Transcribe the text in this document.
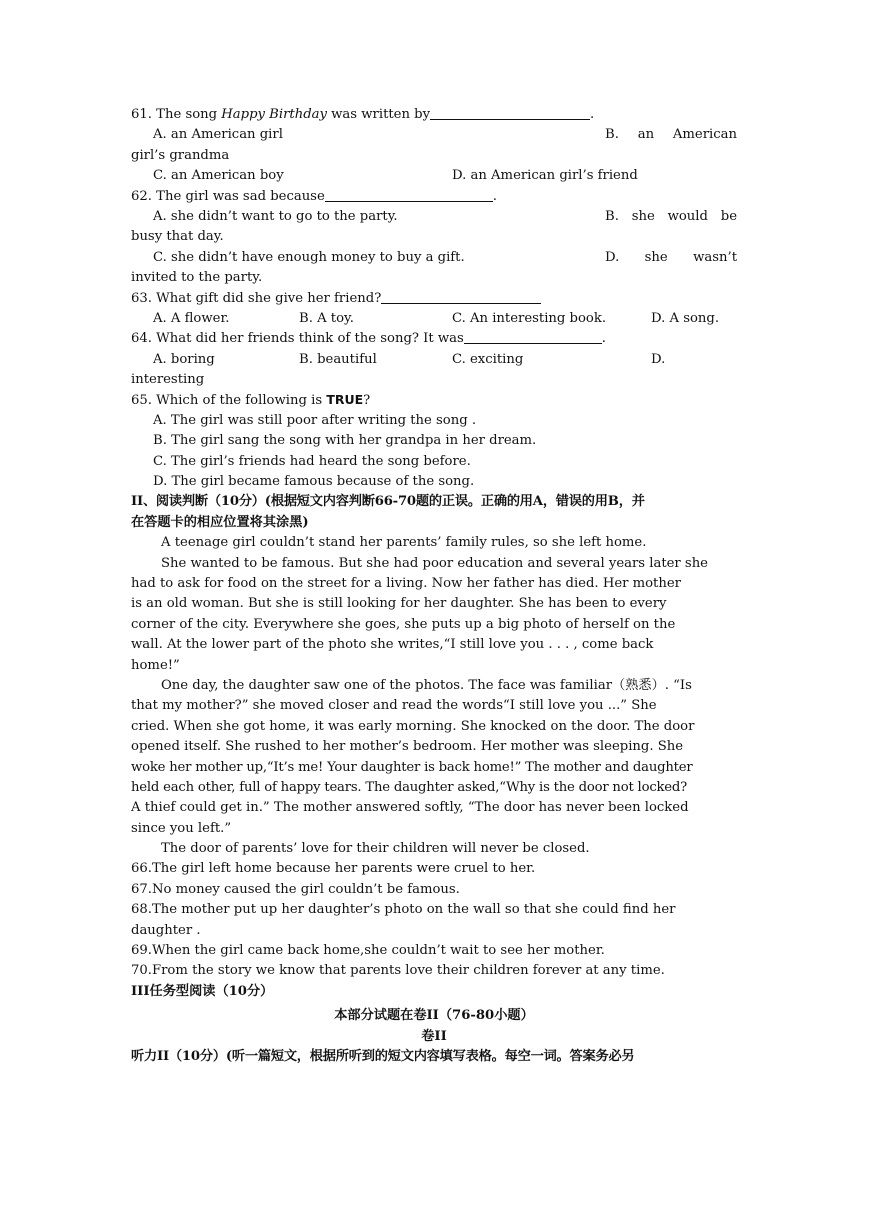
61. The song Happy Birthday was written by	.
A. an American girl	B. an American
girl’s grandma
C. an American boy	D. an American girl’s friend
62. The girl was sad because	.
A. she didn’t want to go to the party.	B. she would be
busy that day.
C. she didn’t have enough money to buy a gift.	D. she wasn’t
invited to the party.
63. What gift did she give her friend?
A. A flower.	B. A toy.	C. An interesting book.	D. A song.
64. What did her friends think of the song? It was	.
A. boring	B. beautiful	C. exciting	D.
interesting
65. Which of the following is TRUE?
A. The girl was still poor after writing the song .
B. The girl sang the song with her grandpa in her dream.
C. The girl’s friends had heard the song before.
D. The girl became famous because of the song.
II、阅读判断（10分）(根据短文内容判断66-70题的正误。正确的用A，错误的用B，并
在答题卡的相应位置将其涂黑)
A teenage girl couldn’t stand her parents’ family rules, so she left home.
She wanted to be famous. But she had poor education and several years later she
had to ask for food on the street for a living. Now her father has died. Her mother
is an old woman. But she is still looking for her daughter. She has been to every
corner of the city. Everywhere she goes, she puts up a big photo of herself on the
wall. At the lower part of the photo she writes,“I still love you . . . , come back
home!”
One day, the daughter saw one of the photos. The face was familiar（熟悉）. “Is
that my mother?” she moved closer and read the words“I still love you ...” She
cried. When she got home, it was early morning. She knocked on the door. The door
opened itself. She rushed to her mother’s bedroom. Her mother was sleeping. She
woke her mother up,“It’s me! Your daughter is back home!” The mother and daughter
held each other, full of happy tears. The daughter asked,“Why is the door not locked?
A thief could get in.” The mother answered softly, “The door has never been locked
since you left.”
The door of parents’ love for their children will never be closed.
66.The girl left home because her parents were cruel to her.
67.No money caused the girl couldn’t be famous.
68.The mother put up her daughter’s photo on the wall so that she could find her
daughter .
69.When the girl came back home,she couldn’t wait to see her mother.
70.From the story we know that parents love their children forever at any time.
III任务型阅读（10分）
本部分试题在卷II（76-80小题）
卷II
听力II（10分）(听一篇短文，根据所听到的短文内容填写表格。每空一词。答案务必另
